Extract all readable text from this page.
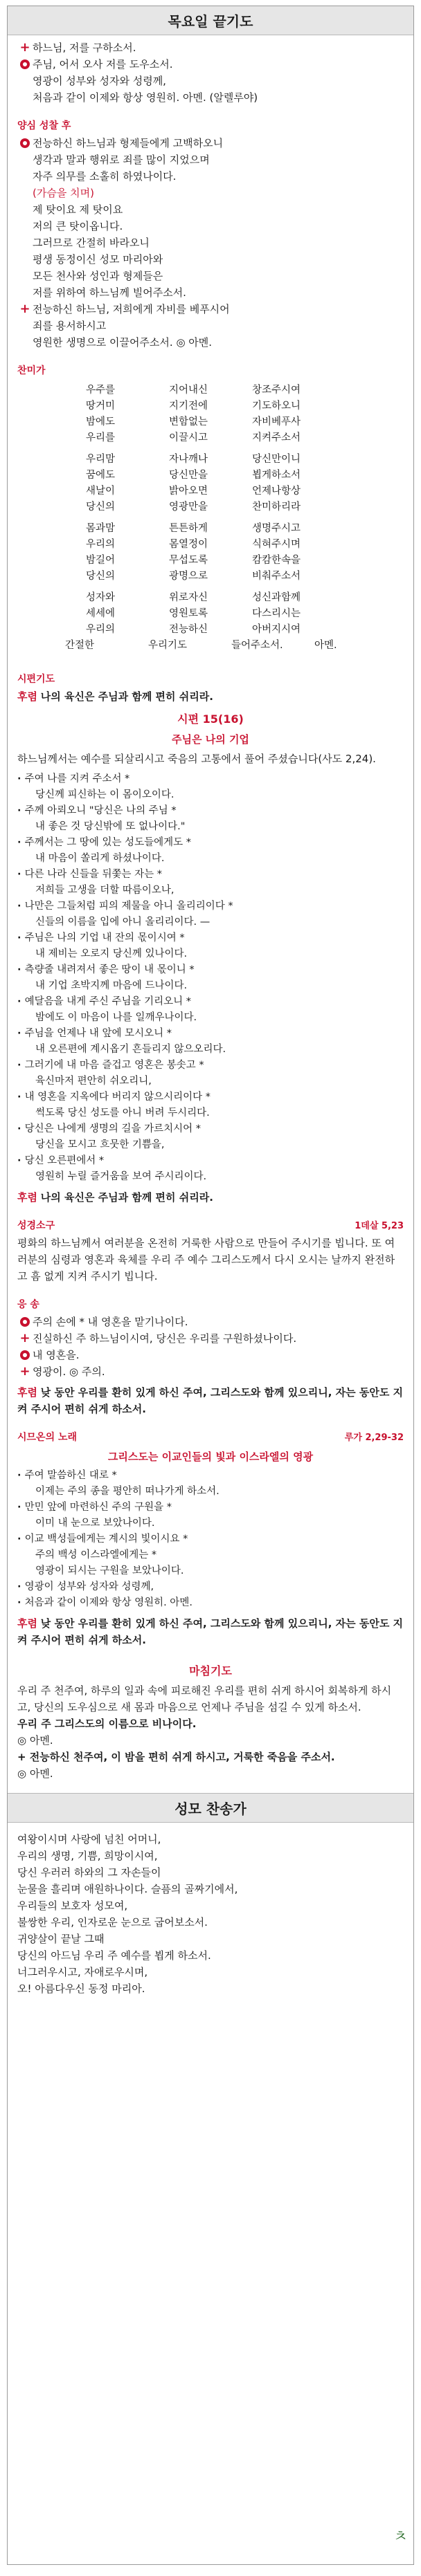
목요일 끝기도

+ 하느님, 저를 구하소서.

주님, 어서 오사 저를 도우소서.

영광이 성부와 성자와 성령께,

처음과 같이 이제와 항상 영원히. 아멘. (알렐루야)

양심 성찰 후

전능하신 하느님과 형제들에게 고백하오니

생각과 말과 행위로 죄를 많이 지었으며

자주 의무를 소홀히 하였나이다.

(가슴을 치며)

제 탓이요 제 탓이요

저의 큰 탓이옵니다.

그러므로 간절히 바라오니

평생 동정이신 성모 마리아와

모든 천사와 성인과 형제들은

저를 위하여 하느님께 빌어주소서.

+ 전능하신 하느님, 저희에게 자비를 베푸시어

죄를 용서하시고

영원한 생명으로 이끌어주소서. ◎ 아멘.

찬미가
우주를	지어내신	창조주시여
땅거미	지기전에	기도하오니
밤에도	변함없는	자비베푸사
우리를	이끌시고	지켜주소서
우리맘	자나깨나	당신만이니
꿈에도	당신만을	뵙게하소서
새날이	밝아오면	언제나항상
당신의	영광만을	찬미하리라
몸과맘	튼튼하게	생명주시고
우리의	몸열정이	식혀주시며
밤길어	무섭도록	캄캄한속을
당신의	광명으로	비춰주소서
성자와	위로자신	성신과함께
세세에	영원토록	다스리시는
우리의	전능하신	아버지시여
간절한	우리기도	들어주소서.	아멘.
시편기도

후렴 나의 육신은 주님과 함께 편히 쉬리라.

시편 15(16)
주님은 나의 기업

하느님께서는 예수를 되살리시고 죽음의 고통에서 풀어 주셨습니다(사도 2,24).

· 주여 나를 지켜 주소서 *
당신께 피신하는 이 몸이오이다.
· 주께 아뢰오니 "당신은 나의 주님 *
내 좋은 것 당신밖에 또 없나이다."
· 주께서는 그 땅에 있는 성도들에게도 *
내 마음이 쏠리게 하셨나이다.
· 다른 나라 신들을 뒤쫓는 자는 *
저희들 고생을 더할 따름이오나,
· 나만은 그들처럼 피의 제물을 아니 올리리이다 *
신들의 이름을 입에 아니 올리리이다. —
· 주님은 나의 기업 내 잔의 몫이시여 *
내 제비는 오로지 당신께 있나이다.
· 측량줄 내려져서 좋은 땅이 내 몫이니 *
내 기업 초박지께 마음에 드나이다.
· 예달음을 내게 주신 주님을 기리오니 *
밤에도 이 마음이 나를 일깨우나이다.
· 주님을 언제나 내 앞에 모시오니 *
내 오른편에 계시옵기 흔들리지 않으오리다.
· 그러기에 내 마음 즐겁고 영혼은 봉솟고 *
육신마저 편안히 쉬오리니,
· 내 영혼을 지옥에다 버리지 않으시리이다 *
썩도록 당신 성도를 아니 버려 두시리다.
· 당신은 나에게 생명의 길을 가르치시어 *
당신을 모시고 흐뭇한 기쁨을,
· 당신 오른편에서 *
영원히 누릴 즐거움을 보여 주시리이다.

후렴 나의 육신은 주님과 함께 편히 쉬리라.

성경소구	1데살 5,23

평화의 하느님께서 여러분을 온전히 거룩한 사람으로 만들어 주시기를 빕니다. 또 여러분의 심령과 영혼과 육체를 우리 주 예수 그리스도께서 다시 오시는 날까지 완전하고 흠 없게 지켜 주시기 빕니다.

응 송

주의 손에 * 내 영혼을 맡기나이다.

+ 진실하신 주 하느님이시여, 당신은 우리를 구원하셨나이다.

내 영혼을.

+ 영광이. ◎ 주의.

후렴 낮 동안 우리를 환히 있게 하신 주여, 그리스도와 함께 있으리니, 자는 동안도 지켜 주시어 편히 쉬게 하소서.

시므온의 노래	루가 2,29-32
그리스도는 이교인들의 빛과 이스라엘의 영광
· 주여 말씀하신 대로 *
이제는 주의 종을 평안히 떠나가게 하소서.
· 만민 앞에 마련하신 주의 구원을 *
이미 내 눈으로 보았나이다.
· 이교 백성들에게는 계시의 빛이시요 *
주의 백성 이스라엘에게는 *
영광이 되시는 구원을 보았나이다.
· 영광이 성부와 성자와 성령께,
· 처음과 같이 이제와 항상 영원히. 아멘.

후렴 낮 동안 우리를 환히 있게 하신 주여, 그리스도와 함께 있으리니, 자는 동안도 지켜 주시어 편히 쉬게 하소서.

마침기도

우리 주 천주여, 하루의 일과 속에 피로해진 우리를 편히 쉬게 하시어 회복하게 하시고, 당신의 도우심으로 새 몸과 마음으로 언제나 주님을 섬길 수 있게 하소서.

우리 주 그리스도의 이름으로 비나이다.

◎ 아멘.

+ 전능하신 천주여, 이 밤을 편히 쉬게 하시고, 거룩한 죽음을 주소서.

◎ 아멘.

성모 찬송가

여왕이시며 사랑에 넘친 어머니,

우리의 생명, 기쁨, 희망이시여,

당신 우러러 하와의 그 자손들이

눈물을 흘리며 애원하나이다. 슬픔의 골짜기에서,

우리들의 보호자 성모여,

불쌍한 우리, 인자로운 눈으로 굽어보소서.

귀양살이 끝날 그때

당신의 아드님 우리 주 예수를 뵙게 하소서.

너그러우시고, 자애로우시며,

오! 아름다우신 동정 마리아.

ㅊ
